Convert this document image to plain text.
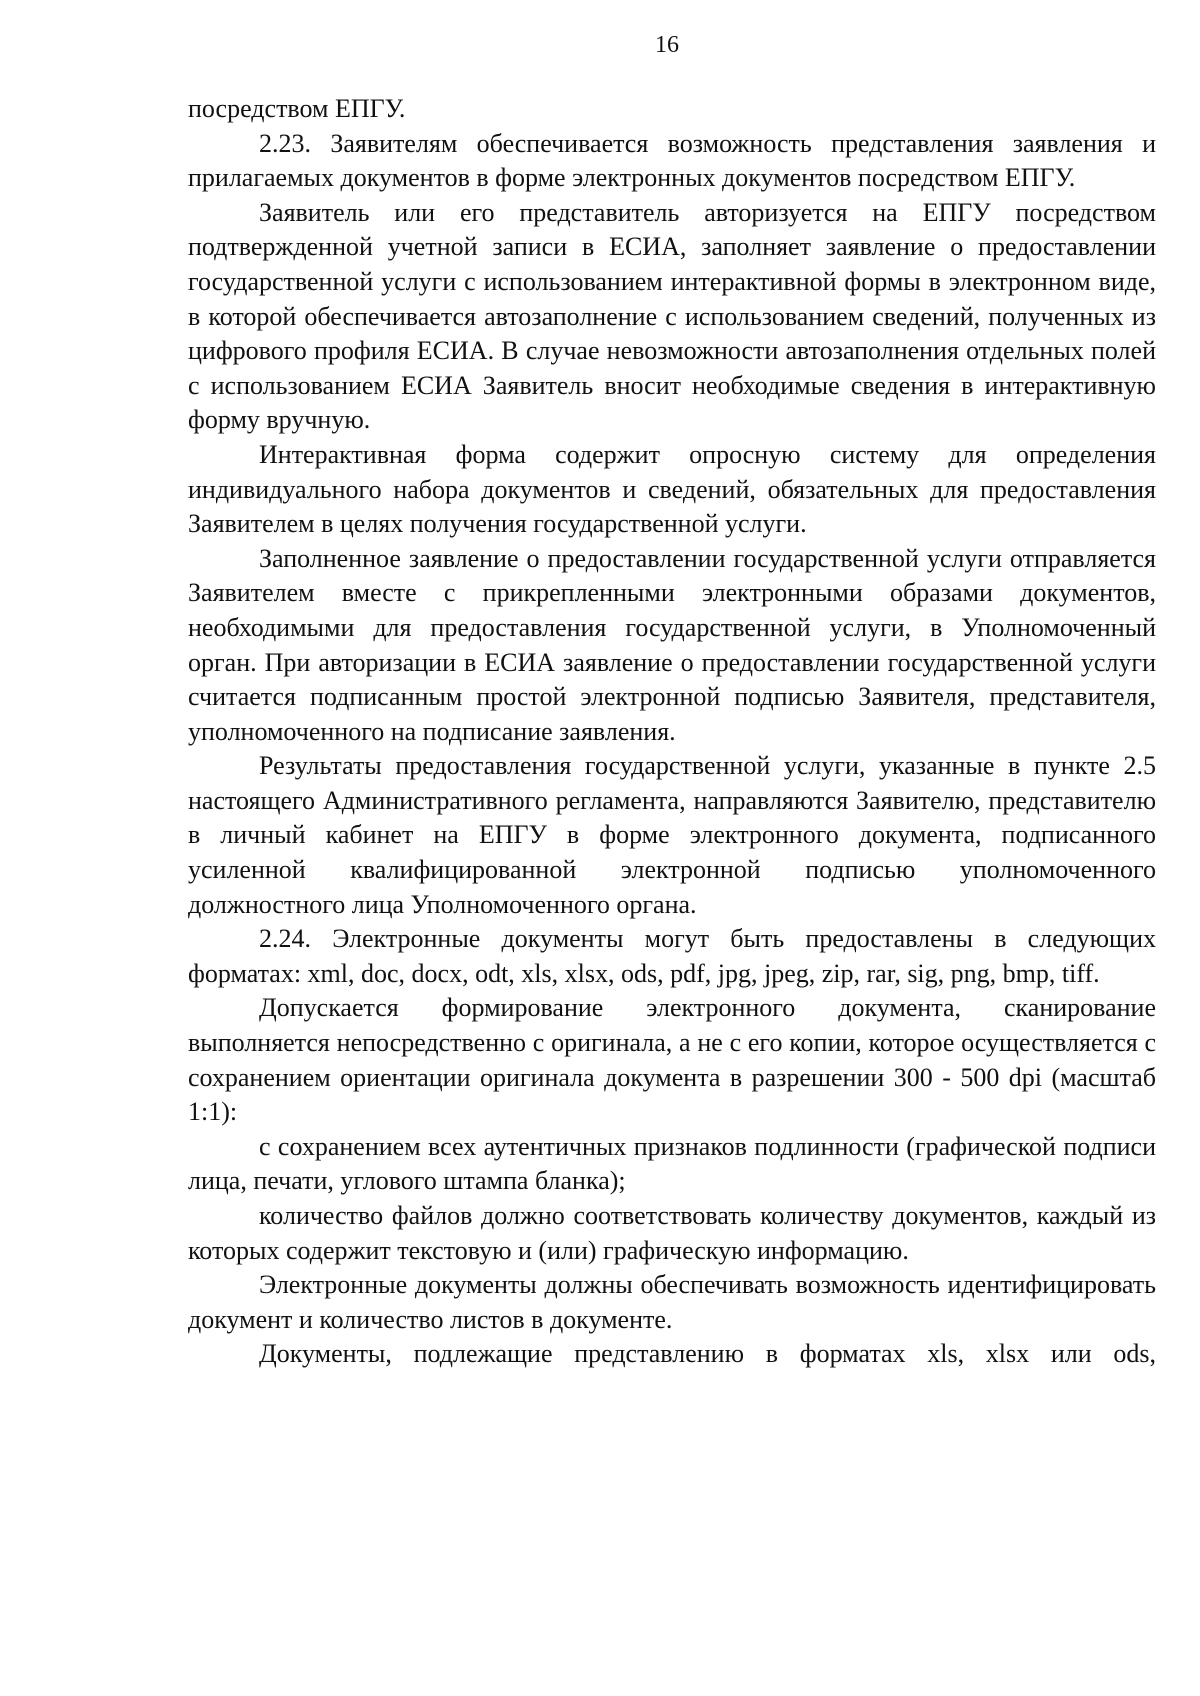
16

посредством ЕПГУ.

2.23. Заявителям обеспечивается возможность представления заявления и прилагаемых документов в форме электронных документов посредством ЕПГУ.

Заявитель или его представитель авторизуется на ЕПГУ посредством подтвержденной учетной записи в ЕСИА, заполняет заявление о предоставлении государственной услуги с использованием интерактивной формы в электронном виде, в которой обеспечивается автозаполнение с использованием сведений, полученных из цифрового профиля ЕСИА. В случае невозможности автозаполнения отдельных полей с использованием ЕСИА Заявитель вносит необходимые сведения в интерактивную форму вручную.

Интерактивная форма содержит опросную систему для определения индивидуального набора документов и сведений, обязательных для предоставления Заявителем в целях получения государственной услуги.

Заполненное заявление о предоставлении государственной услуги отправляется Заявителем вместе с прикрепленными электронными образами документов, необходимыми для предоставления государственной услуги, в Уполномоченный орган. При авторизации в ЕСИА заявление о предоставлении государственной услуги считается подписанным простой электронной подписью Заявителя, представителя, уполномоченного на подписание заявления.

Результаты предоставления государственной услуги, указанные в пункте 2.5 настоящего Административного регламента, направляются Заявителю, представителю в личный кабинет на ЕПГУ в форме электронного документа, подписанного усиленной квалифицированной электронной подписью уполномоченного должностного лица Уполномоченного органа.

2.24. Электронные документы могут быть предоставлены в следующих форматах: xml, doc, docx, odt, xls, xlsx, ods, pdf, jpg, jpeg, zip, rar, sig, png, bmp, tiff.

Допускается формирование электронного документа, сканирование выполняется непосредственно с оригинала, а не с его копии, которое осуществляется с сохранением ориентации оригинала документа в разрешении 300 - 500 dpi (масштаб 1:1):

с сохранением всех аутентичных признаков подлинности (графической подписи лица, печати, углового штампа бланка);

количество файлов должно соответствовать количеству документов, каждый из которых содержит текстовую и (или) графическую информацию.

Электронные документы должны обеспечивать возможность идентифицировать документ и количество листов в документе.

Документы, подлежащие представлению в форматах xls, xlsx или ods,
